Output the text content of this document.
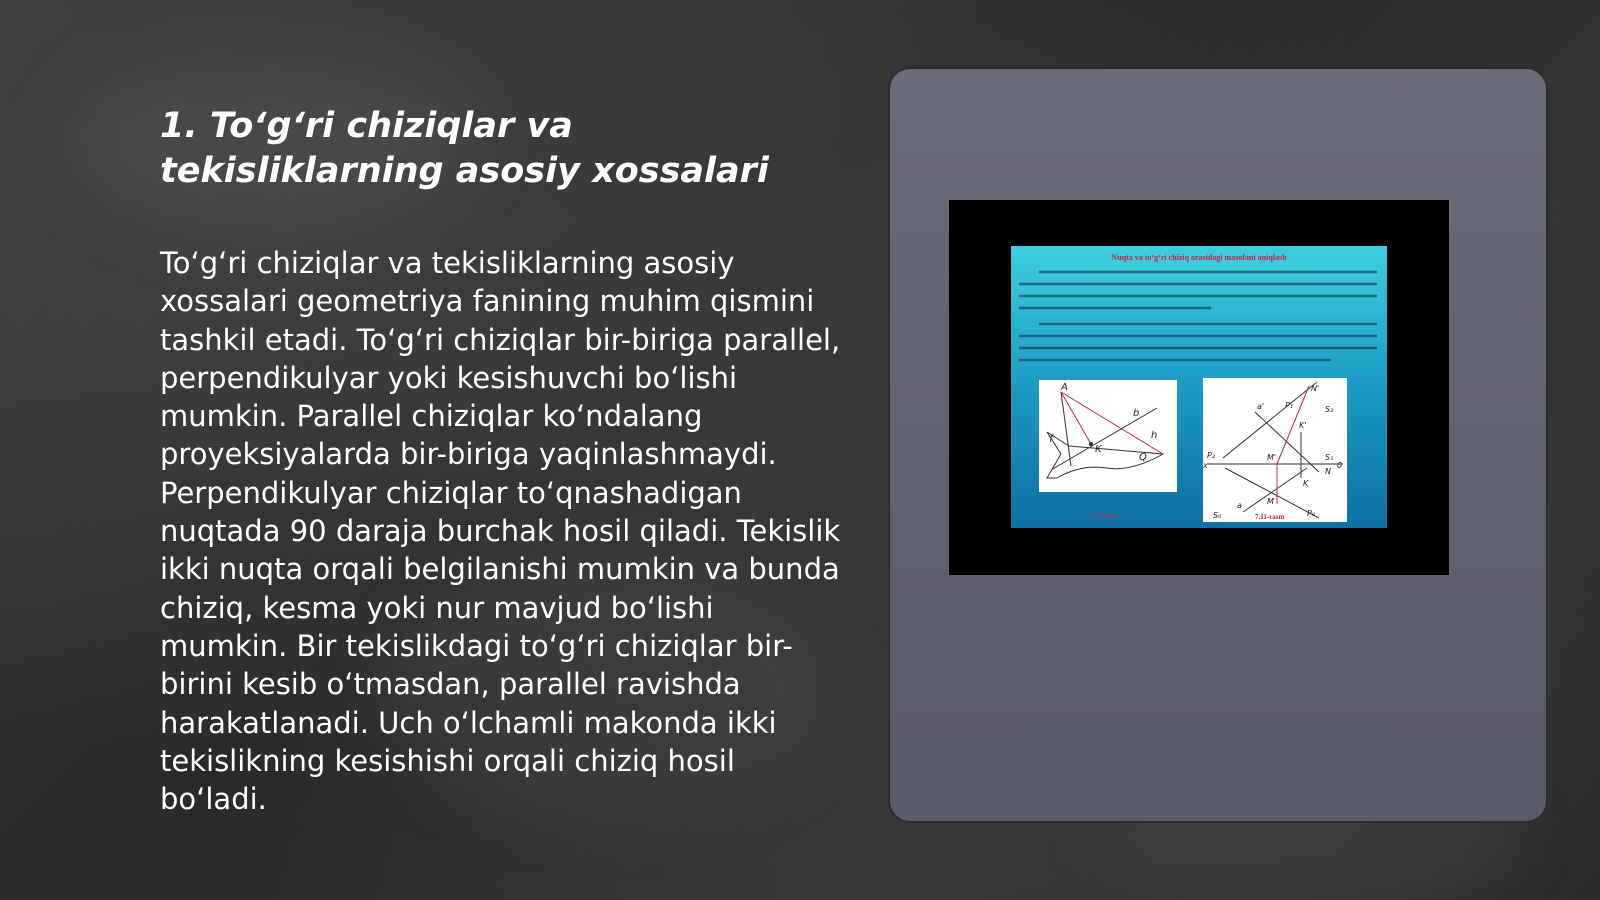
1. To‘g‘ri chiziqlar va tekisliklarning asosiy xossalari

To‘g‘ri chiziqlar va tekisliklarning asosiy xossalari geometriya fanining muhim qismini tashkil etadi. To‘g‘ri chiziqlar bir-biriga parallel, perpendikulyar yoki kesishuvchi bo‘lishi mumkin. Parallel chiziqlar ko‘ndalang proyeksiyalarda bir-biriga yaqinlashmaydi. Perpendikulyar chiziqlar to‘qnashadigan nuqtada 90 daraja burchak hosil qiladi. Tekislik ikki nuqta orqali belgilanishi mumkin va bunda chiziq, kesma yoki nur mavjud bo‘lishi mumkin. Bir tekislikdagi to‘g‘ri chiziqlar bir-birini kesib o‘tmasdan, parallel ravishda harakatlanadi. Uch o‘lchamli makonda ikki tekislikning kesishishi orqali chiziq hosil bo‘ladi.

Nuqta va to‘g‘ri chiziq orasidagi masofani aniqlash
A
b
f
K
h
Q
a'	P₁
N'
K'
S₂
P₂	M'	S₁
N
0
x
K
S₀
a	M
P₀
7.10-rasm	7.11-rasm
